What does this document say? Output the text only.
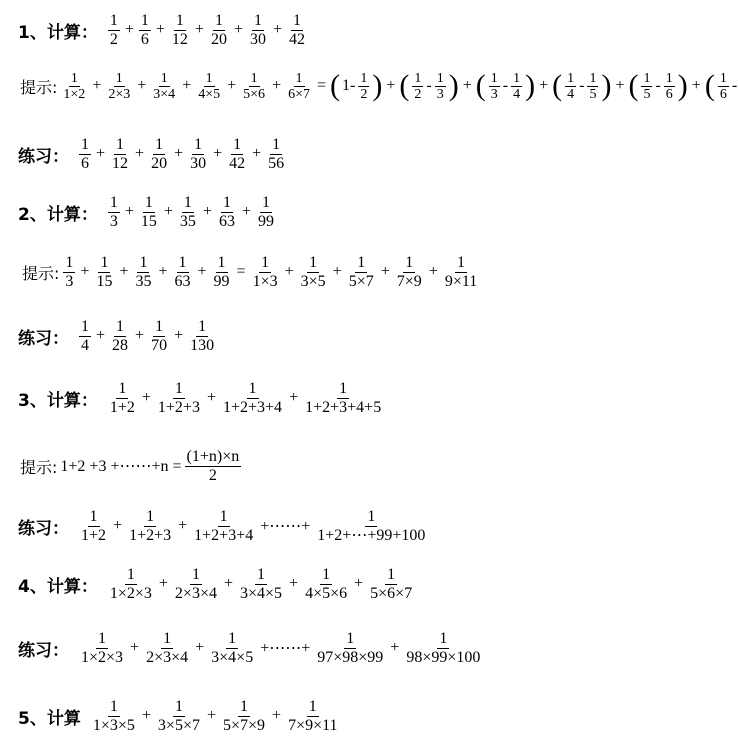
1、计算： $\frac{1}{2} + \frac{1}{6} + \frac{1}{12} + \frac{1}{20} + \frac{1}{30} + \frac{1}{42}$
提示: $\frac{1}{1\times 2} + \frac{1}{2\times 3} + \frac{1}{3\times 4} + \frac{1}{4\times 5} + \frac{1}{5\times 6} + \frac{1}{6\times 7}$ = ( $1- \frac{1}{2}$ ) + ( $\frac{1}{2} - \frac{1}{3}$ ) + ( $\frac{1}{3} - \frac{1}{4}$ ) + ( $\frac{1}{4} - \frac{1}{5}$ ) + ( $\frac{1}{5} - \frac{1}{6}$ ) + ( $\frac{1}{6}$ -
练习： $\frac{1}{6} + \frac{1}{12} + \frac{1}{20} + \frac{1}{30} + \frac{1}{42} + \frac{1}{56}$
2、计算： $\frac{1}{3} + \frac{1}{15} + \frac{1}{35} + \frac{1}{63} + \frac{1}{99}$
提示: $\frac{1}{3} + \frac{1}{15} + \frac{1}{35} + \frac{1}{63} + \frac{1}{99} = \frac{1}{1\times 3} + \frac{1}{3\times 5} + \frac{1}{5\times 7} + \frac{1}{7\times 9} + \frac{1}{9\times 11}$
练习： $\frac{1}{4} + \frac{1}{28} + \frac{1}{70} + \frac{1}{130}$
3、计算： $\frac{1}{1+2} + \frac{1}{1+2+3} + \frac{1}{1+2+3+4} + \frac{1}{1+2+3+4+5}$
提示: 1+2 +3 +⋯⋯+n = $\frac{(1+n)\times n}{2}$
练习： $\frac{1}{1+2} + \frac{1}{1+2+3} + \frac{1}{1+2+3+4}$ +⋯⋯+ $\frac{1}{1+2+\cdots+99+100}$
4、计算： $\frac{1}{1\times 2\times 3} + \frac{1}{2\times 3\times 4} + \frac{1}{3\times 4\times 5} + \frac{1}{4\times 5\times 6} + \frac{1}{5\times 6\times 7}$
练习： $\frac{1}{1\times 2\times 3} + \frac{1}{2\times 3\times 4} + \frac{1}{3\times 4\times 5}$ +⋯⋯+ $\frac{1}{97\times 98\times 99} + \frac{1}{98\times 99\times 100}$
5、计算 $\frac{1}{1\times 3\times 5} + \frac{1}{3\times 5\times 7} + \frac{1}{5\times 7\times 9} + \frac{1}{7\times 9\times 11}$
